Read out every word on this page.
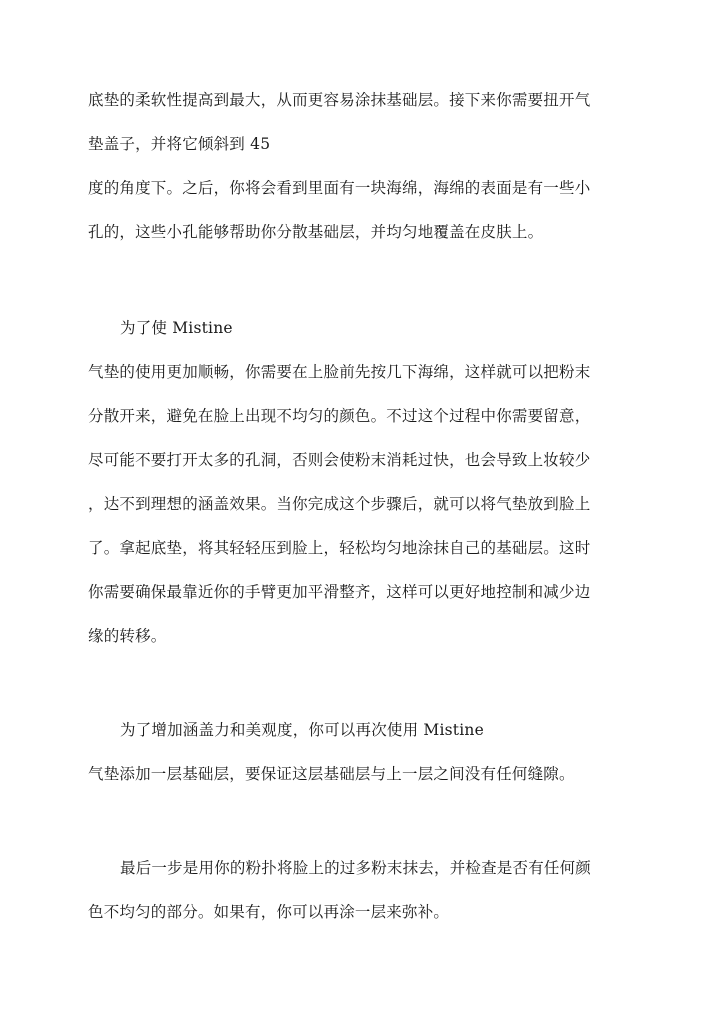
底垫的柔软性提高到最大，从而更容易涂抹基础层。接下来你需要扭开气
垫盖子，并将它倾斜到 45
度的角度下。之后，你将会看到里面有一块海绵，海绵的表面是有一些小
孔的，这些小孔能够帮助你分散基础层，并均匀地覆盖在皮肤上。
为了使 Mistine
气垫的使用更加顺畅，你需要在上脸前先按几下海绵，这样就可以把粉末
分散开来，避免在脸上出现不均匀的颜色。不过这个过程中你需要留意，
尽可能不要打开太多的孔洞，否则会使粉末消耗过快，也会导致上妆较少
，达不到理想的涵盖效果。当你完成这个步骤后，就可以将气垫放到脸上
了。拿起底垫，将其轻轻压到脸上，轻松均匀地涂抹自己的基础层。这时
你需要确保最靠近你的手臂更加平滑整齐，这样可以更好地控制和减少边
缘的转移。
为了增加涵盖力和美观度，你可以再次使用 Mistine
气垫添加一层基础层，要保证这层基础层与上一层之间没有任何缝隙。
最后一步是用你的粉扑将脸上的过多粉末抹去，并检查是否有任何颜
色不均匀的部分。如果有，你可以再涂一层来弥补。
